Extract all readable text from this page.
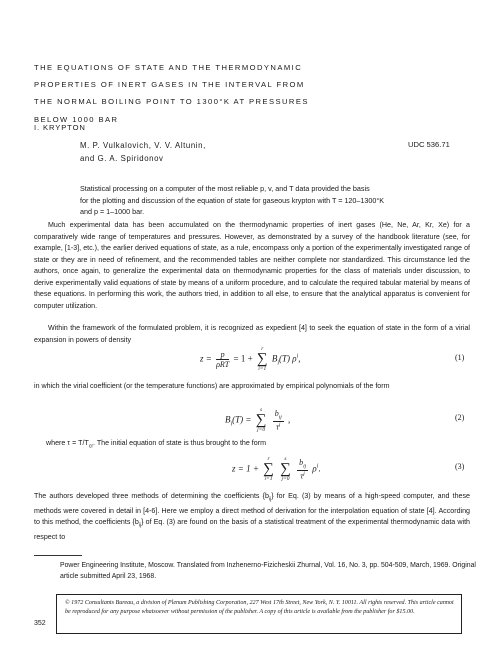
THE EQUATIONS OF STATE AND THE THERMODYNAMIC
PROPERTIES OF INERT GASES IN THE INTERVAL FROM
THE NORMAL BOILING POINT TO 1300°K AT PRESSURES
BELOW 1000 BAR
I. KRYPTON
M. P. Vulkalovich, V. V. Altunin,
and G. A. Spiridonov
UDC 536.71
Statistical processing on a computer of the most reliable p, v, and T data provided the basis
for the plotting and discussion of the equation of state for gaseous krypton with T = 120–1300°K
and p = 1–1000 bar.
Much experimental data has been accumulated on the thermodynamic properties of inert gases (He, Ne, Ar, Kr, Xe) for a comparatively wide range of temperatures and pressures. However, as demonstrated by a survey of the handbook literature (see, for example, [1-3], etc.), the earlier derived equations of state, as a rule, encompass only a portion of the experimentally investigated range of state or they are in need of refinement, and the recommended tables are neither complete nor standardized. This circumstance led the authors, once again, to generalize the experimental data on thermodynamic properties for the class of materials under discussion, to derive experimentally valid equations of state by means of a uniform procedure, and to calculate the required tabular material by means of these equations. In performing this work, the authors tried, in addition to all else, to ensure that the analytical apparatus is convenient for computer utilization.
Within the framework of the formulated problem, it is recognized as expedient [4] to seek the equation of state in the form of a virial expansion in powers of density
$z = \frac{p}{\text{ρRT}} = 1$ +
r
∑
i=1
$B_i(T)$ $\rho^i$,	(1)
in which the virial coefficient (or the temperature functions) are approximated by empirical polynomials of the form
$B_i(T)$ =
s
∑
j=0
$\frac{b_{ij}}{\tau^j}$ ,	(2)
where $\tau = T/T_{cr}$. The initial equation of state is thus brought to the form
z = 1 +
r
∑
i=1

s
∑
j=0
$\frac{b_{ij}}{\tau^j} \rho^i$.	(3)
The authors developed three methods of determining the coefficients $\{b_{ij}\}$ for Eq. (3) by means of a high-speed computer, and these methods were covered in detail in [4-6]. Here we employ a direct method of derivation for the interpolation equation of state [4]. According to this method, the coefficients $\{b_{ij}\}$ of Eq. (3) are found on the basis of a statistical treatment of the experimental thermodynamic data with respect to
Power Engineering Institute, Moscow. Translated from Inzhenerno-Fizicheskii Zhurnal, Vol. 16, No. 3, pp. 504-509, March, 1969. Original article submitted April 23, 1968.
© 1972 Consultants Bureau, a division of Plenum Publishing Corporation, 227 West 17th Street, New York, N. Y. 10011. All rights reserved. This article cannot be reproduced for any purpose whatsoever without permission of the publisher. A copy of this article is available from the publisher for $15.00.
352
